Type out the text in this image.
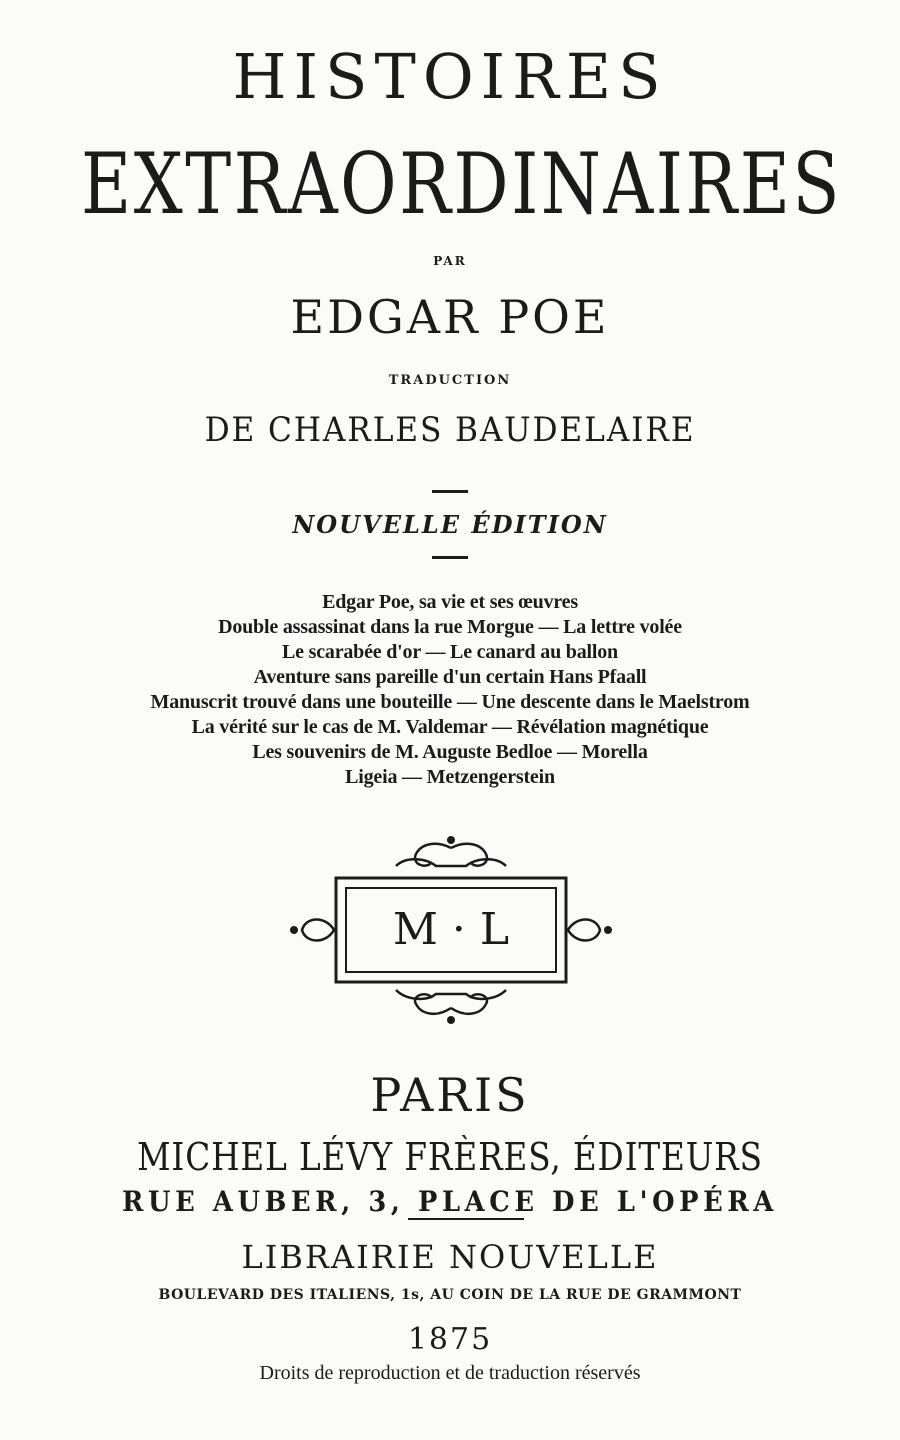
HISTOIRES
EXTRAORDINAIRES
PAR
EDGAR POE
TRADUCTION
DE CHARLES BAUDELAIRE
NOUVELLE ÉDITION
Edgar Poe, sa vie et ses œuvres
Double assassinat dans la rue Morgue — La lettre volée
Le scarabée d'or — Le canard au ballon
Aventure sans pareille d'un certain Hans Pfaall
Manuscrit trouvé dans une bouteille — Une descente dans le Maelstrom
La vérité sur le cas de M. Valdemar — Révélation magnétique
Les souvenirs de M. Auguste Bedloe — Morella
Ligeia — Metzengerstein
M · L
PARIS
MICHEL LÉVY FRÈRES, ÉDITEURS
RUE AUBER, 3, PLACE DE L'OPÉRA
LIBRAIRIE NOUVELLE
BOULEVARD DES ITALIENS, 1s, AU COIN DE LA RUE DE GRAMMONT
1875
Droits de reproduction et de traduction réservés
